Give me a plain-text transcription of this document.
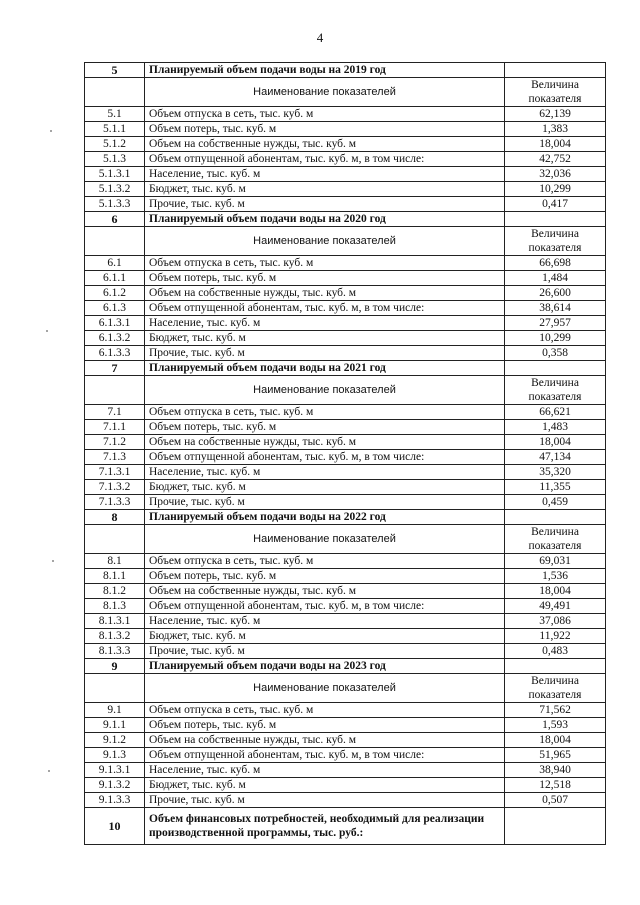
4
5	Планируемый объем подачи воды на 2019 год	
	Наименование показателей	Величина
показателя

5.1	Объем отпуска в сеть, тыс. куб. м	62,139
5.1.1	Объем потерь, тыс. куб. м	1,383
5.1.2	Объем на собственные нужды, тыс. куб. м	18,004
5.1.3	Объем отпущенной абонентам, тыс. куб. м, в том числе:	42,752
5.1.3.1	Население, тыс. куб. м	32,036
5.1.3.2	Бюджет, тыс. куб. м	10,299
5.1.3.3	Прочие, тыс. куб. м	0,417
6	Планируемый объем подачи воды на 2020 год	
	Наименование показателей	Величина
показателя

6.1	Объем отпуска в сеть, тыс. куб. м	66,698
6.1.1	Объем потерь, тыс. куб. м	1,484
6.1.2	Объем на собственные нужды, тыс. куб. м	26,600
6.1.3	Объем отпущенной абонентам, тыс. куб. м, в том числе:	38,614
6.1.3.1	Население, тыс. куб. м	27,957
6.1.3.2	Бюджет, тыс. куб. м	10,299
6.1.3.3	Прочие, тыс. куб. м	0,358
7	Планируемый объем подачи воды на 2021 год	
	Наименование показателей	Величина
показателя

7.1	Объем отпуска в сеть, тыс. куб. м	66,621
7.1.1	Объем потерь, тыс. куб. м	1,483
7.1.2	Объем на собственные нужды, тыс. куб. м	18,004
7.1.3	Объем отпущенной абонентам, тыс. куб. м, в том числе:	47,134
7.1.3.1	Население, тыс. куб. м	35,320
7.1.3.2	Бюджет, тыс. куб. м	11,355
7.1.3.3	Прочие, тыс. куб. м	0,459
8	Планируемый объем подачи воды на 2022 год	
	Наименование показателей	Величина
показателя

8.1	Объем отпуска в сеть, тыс. куб. м	69,031
8.1.1	Объем потерь, тыс. куб. м	1,536
8.1.2	Объем на собственные нужды, тыс. куб. м	18,004
8.1.3	Объем отпущенной абонентам, тыс. куб. м, в том числе:	49,491
8.1.3.1	Население, тыс. куб. м	37,086
8.1.3.2	Бюджет, тыс. куб. м	11,922
8.1.3.3	Прочие, тыс. куб. м	0,483
9	Планируемый объем подачи воды на 2023 год	
	Наименование показателей	Величина
показателя

9.1	Объем отпуска в сеть, тыс. куб. м	71,562
9.1.1	Объем потерь, тыс. куб. м	1,593
9.1.2	Объем на собственные нужды, тыс. куб. м	18,004
9.1.3	Объем отпущенной абонентам, тыс. куб. м, в том числе:	51,965
9.1.3.1	Население, тыс. куб. м	38,940
9.1.3.2	Бюджет, тыс. куб. м	12,518
9.1.3.3	Прочие, тыс. куб. м	0,507
10	Объем финансовых потребностей, необходимый для реализации производственной программы, тыс. руб.:	
